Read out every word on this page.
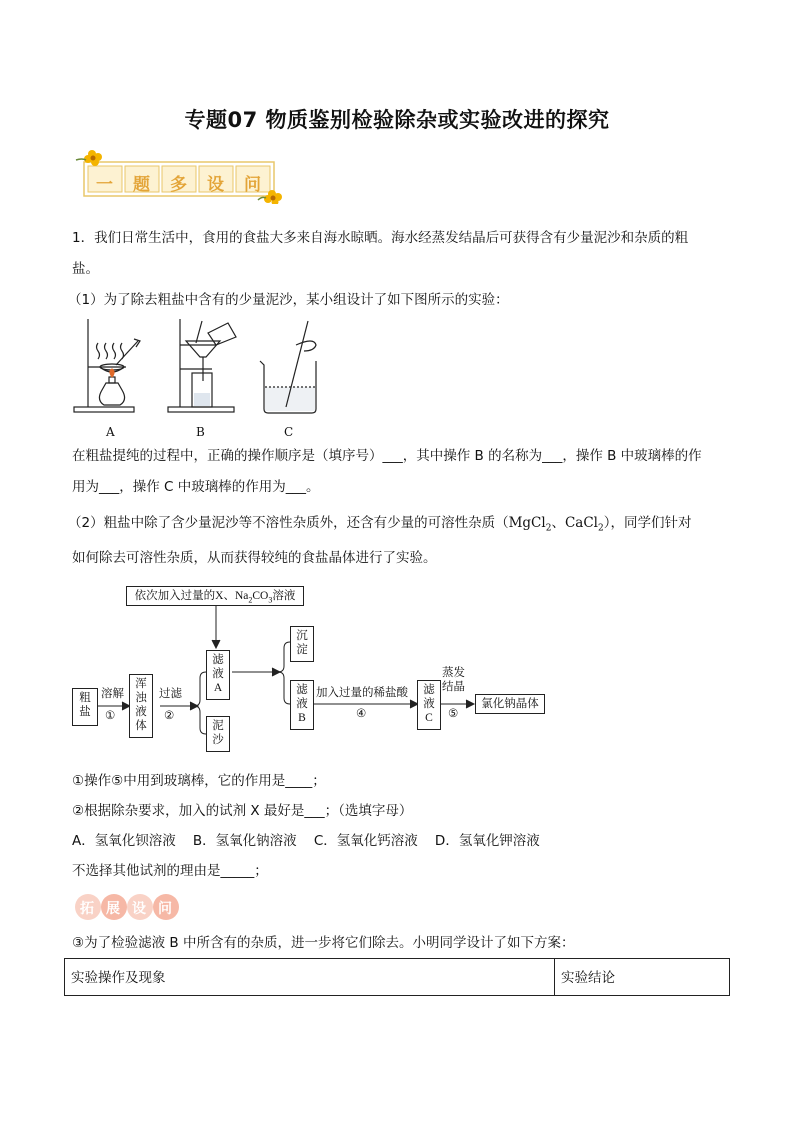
专题07 物质鉴别检验除杂或实验改进的探究
一 题 多 设 问
1．我们日常生活中，食用的食盐大多来自海水晾晒。海水经蒸发结晶后可获得含有少量泥沙和杂质的粗
盐。
（1）为了除去粗盐中含有的少量泥沙，某小组设计了如下图所示的实验：
A	B	C
在粗盐提纯的过程中，正确的操作顺序是（填序号）___，其中操作 B 的名称为___，操作 B 中玻璃棒的作
用为___，操作 C 中玻璃棒的作用为___。
（2）粗盐中除了含少量泥沙等不溶性杂质外，还含有少量的可溶性杂质（MgCl$_2$、CaCl$_2$），同学们针对
如何除去可溶性杂质，从而获得较纯的食盐晶体进行了实验。
依次加入过量的X、$Na_2CO_3$溶液
粗
盐
溶解
①
浑
浊
液
体
过滤
②
滤
液
A
泥
沙
沉
淀
滤
液
B
加入过量的稀盐酸
④
滤
液
C
蒸发
结晶
⑤
氯化钠晶体
①操作⑤中用到玻璃棒，它的作用是____；
②根据除杂要求，加入的试剂 X 最好是___；（选填字母）
A．氢氧化钡溶液    B．氢氧化钠溶液    C．氢氧化钙溶液    D．氢氧化钾溶液
不选择其他试剂的理由是_____；
拓 展 设 问
③为了检验滤液 B 中所含有的杂质，进一步将它们除去。小明同学设计了如下方案：
实验操作及现象	实验结论
